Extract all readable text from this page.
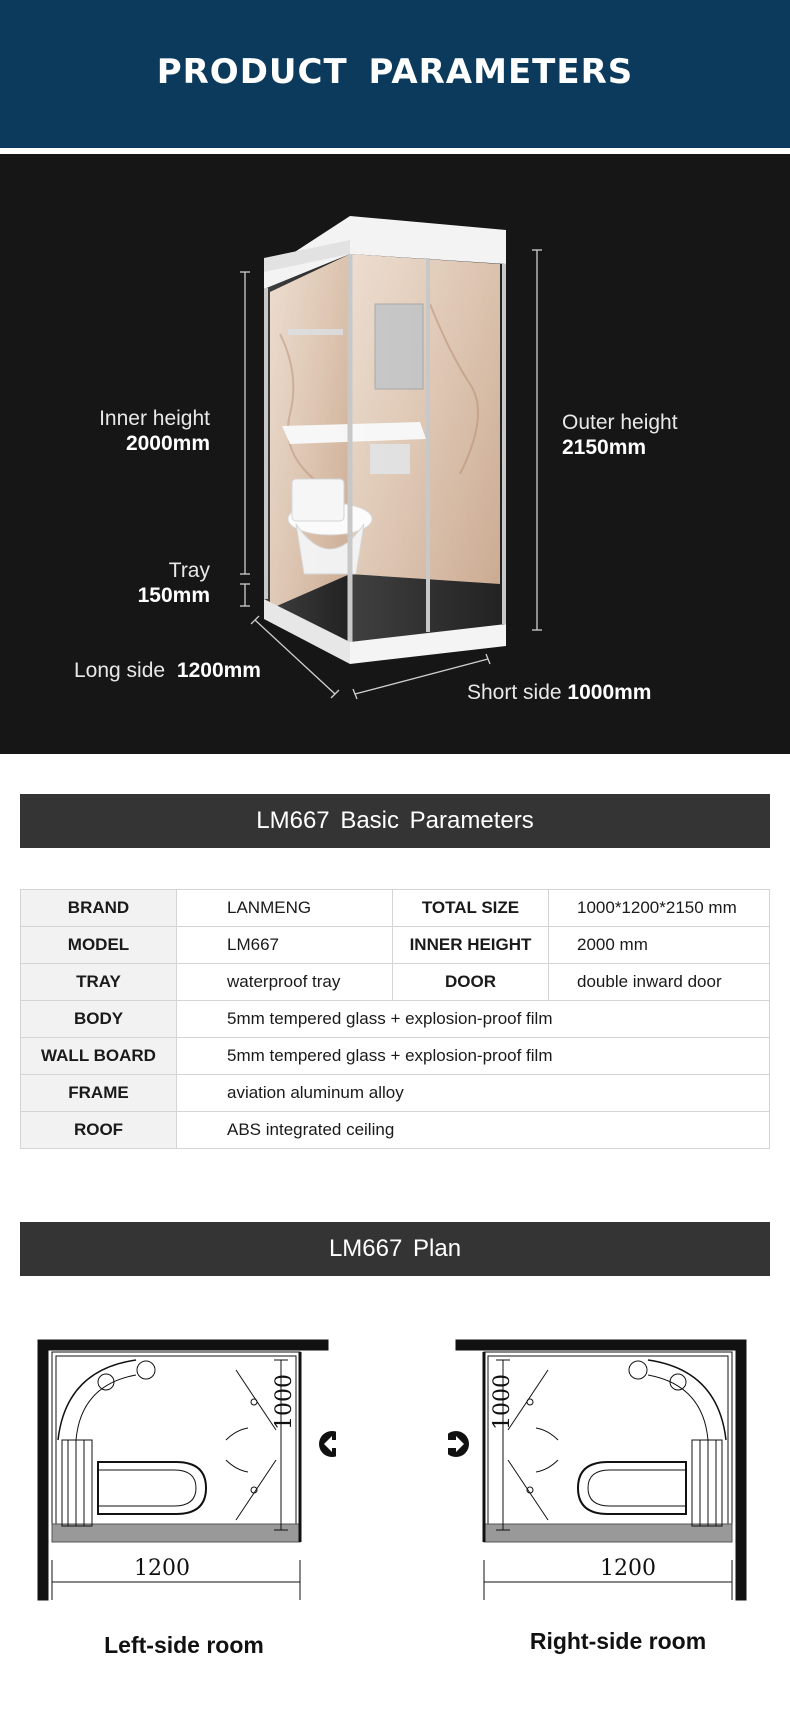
PRODUCT PARAMETERS
Inner height
2000mm
Tray
150mm
Long side 1200mm
Outer height
2150mm
Short side 1000mm
LM667 Basic Parameters
BRAND	LANMENG	TOTAL SIZE	1000*1200*2150 mm
MODEL	LM667	INNER HEIGHT	2000 mm
TRAY	waterproof tray	DOOR	double inward door
BODY	5mm tempered glass + explosion-proof film		
WALL BOARD	5mm tempered glass + explosion-proof film		
FRAME	aviation aluminum alloy		
ROOF	ABS integrated ceiling		
LM667 Plan
1000
1200
Left-side room
1000
1200
Right-side room
